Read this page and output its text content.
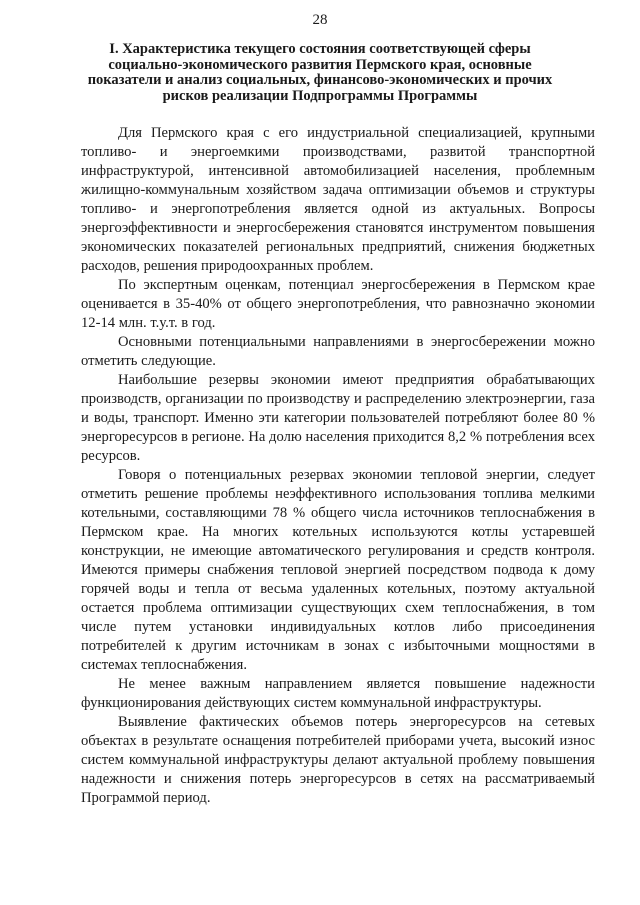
28
I. Характеристика текущего состояния соответствующей сферы социально-экономического развития Пермского края, основные показатели и анализ социальных, финансово-экономических и прочих рисков реализации Подпрограммы Программы

Для Пермского края с его индустриальной специализацией, крупными топливо- и энергоемкими производствами, развитой транспортной инфраструктурой, интенсивной автомобилизацией населения, проблемным жилищно-коммунальным хозяйством задача оптимизации объемов и структуры топливо- и энергопотребления является одной из актуальных. Вопросы энергоэффективности и энергосбережения становятся инструментом повышения экономических показателей региональных предприятий, снижения бюджетных расходов, решения природоохранных проблем.

По экспертным оценкам, потенциал энергосбережения в Пермском крае оценивается в 35-40% от общего энергопотребления, что равнозначно экономии 12-14 млн. т.у.т. в год.

Основными потенциальными направлениями в энергосбережении можно отметить следующие.

Наибольшие резервы экономии имеют предприятия обрабатывающих производств, организации по производству и распределению электроэнергии, газа и воды, транспорт. Именно эти категории пользователей потребляют более 80 % энергоресурсов в регионе. На долю населения приходится 8,2 % потребления всех ресурсов.

Говоря о потенциальных резервах экономии тепловой энергии, следует отметить решение проблемы неэффективного использования топлива мелкими котельными, составляющими 78 % общего числа источников теплоснабжения в Пермском крае. На многих котельных используются котлы устаревшей конструкции, не имеющие автоматического регулирования и средств контроля. Имеются примеры снабжения тепловой энергией посредством подвода к дому горячей воды и тепла от весьма удаленных котельных, поэтому актуальной остается проблема оптимизации существующих схем теплоснабжения, в том числе путем установки индивидуальных котлов либо присоединения потребителей к другим источникам в зонах с избыточными мощностями в системах теплоснабжения.

Не менее важным направлением является повышение надежности функционирования действующих систем коммунальной инфраструктуры.

Выявление фактических объемов потерь энергоресурсов на сетевых объектах в результате оснащения потребителей приборами учета, высокий износ систем коммунальной инфраструктуры делают актуальной проблему повышения надежности и снижения потерь энергоресурсов в сетях на рассматриваемый Программой период.
